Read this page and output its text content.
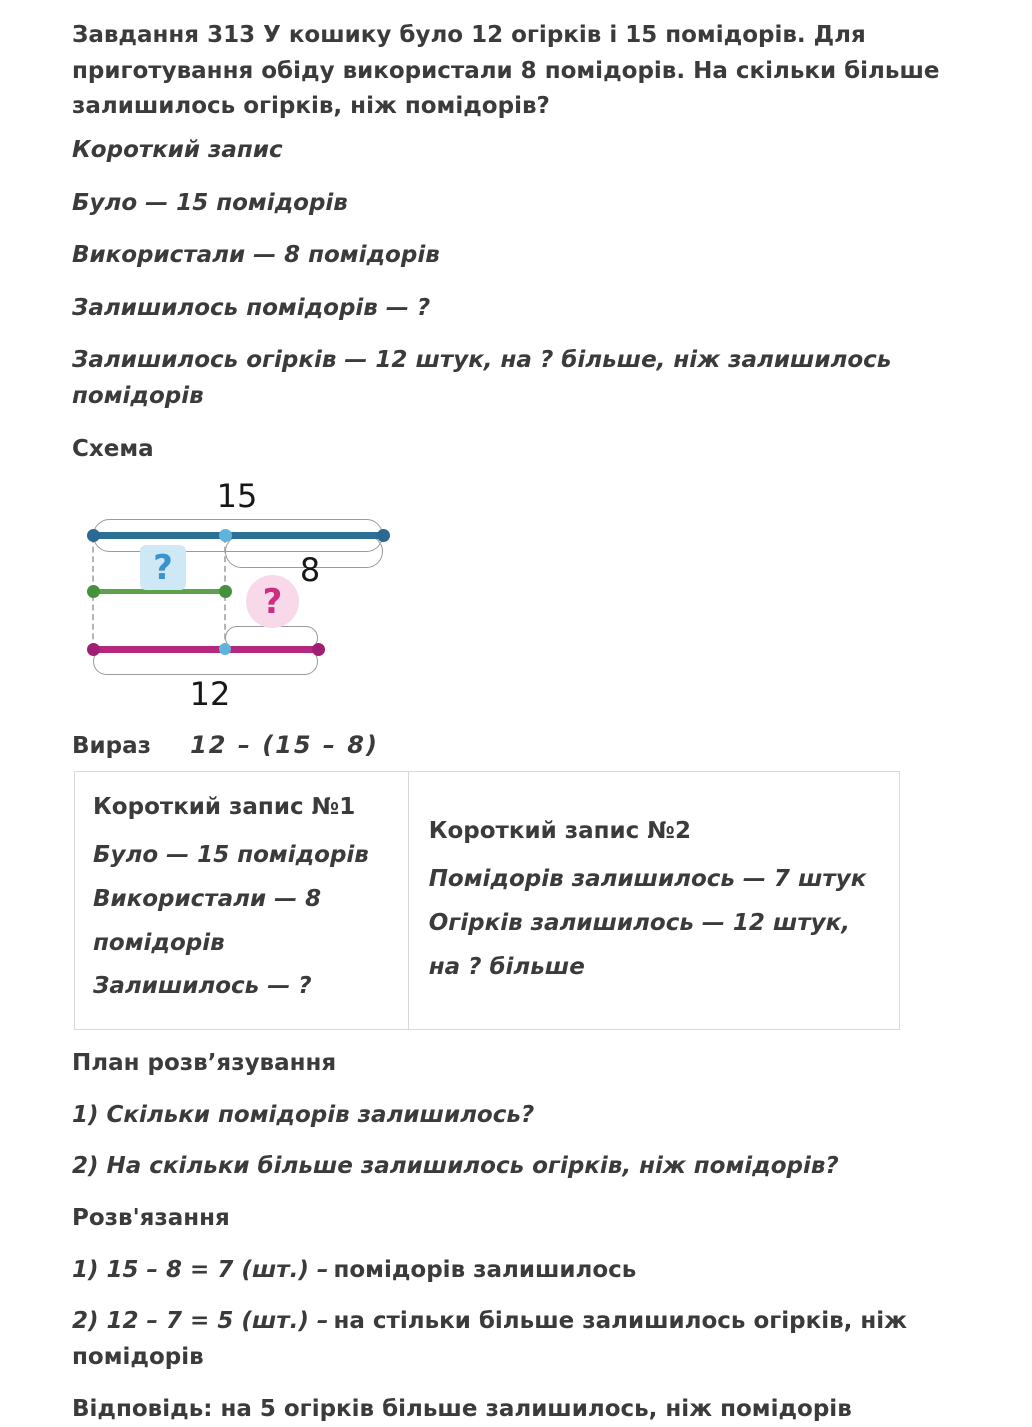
Завдання 313 У кошику було 12 огірків і 15 помідорів. Для приготування обіду використали 8 помідорів. На скільки більше залишилось огірків, ніж помідорів?

Короткий запис
Було — 15 помідорів
Використали — 8 помідорів
Залишилось помідорів — ?
Залишилось огірків — 12 штук, на ? більше, ніж залишилось помідорів
Схема
15
8
?
?
12
Вираз 12 – (15 – 8)
Короткий запис №1
Було — 15 помідорів
Використали — 8 помідорів
Залишилось — ?

Короткий запис №2
Помідорів залишилось — 7 штук
Огірків залишилось — 12 штук, на ? більше
План розв’язування
1) Скільки помідорів залишилось?
2) На скільки більше залишилось огірків, ніж помідорів?
Розв'язання
1) 15 – 8 = 7 (шт.) – помідорів залишилось
2) 12 – 7 = 5 (шт.) – на стільки більше залишилось огірків, ніж помідорів
Відповідь: на 5 огірків більше залишилось, ніж помідорів
